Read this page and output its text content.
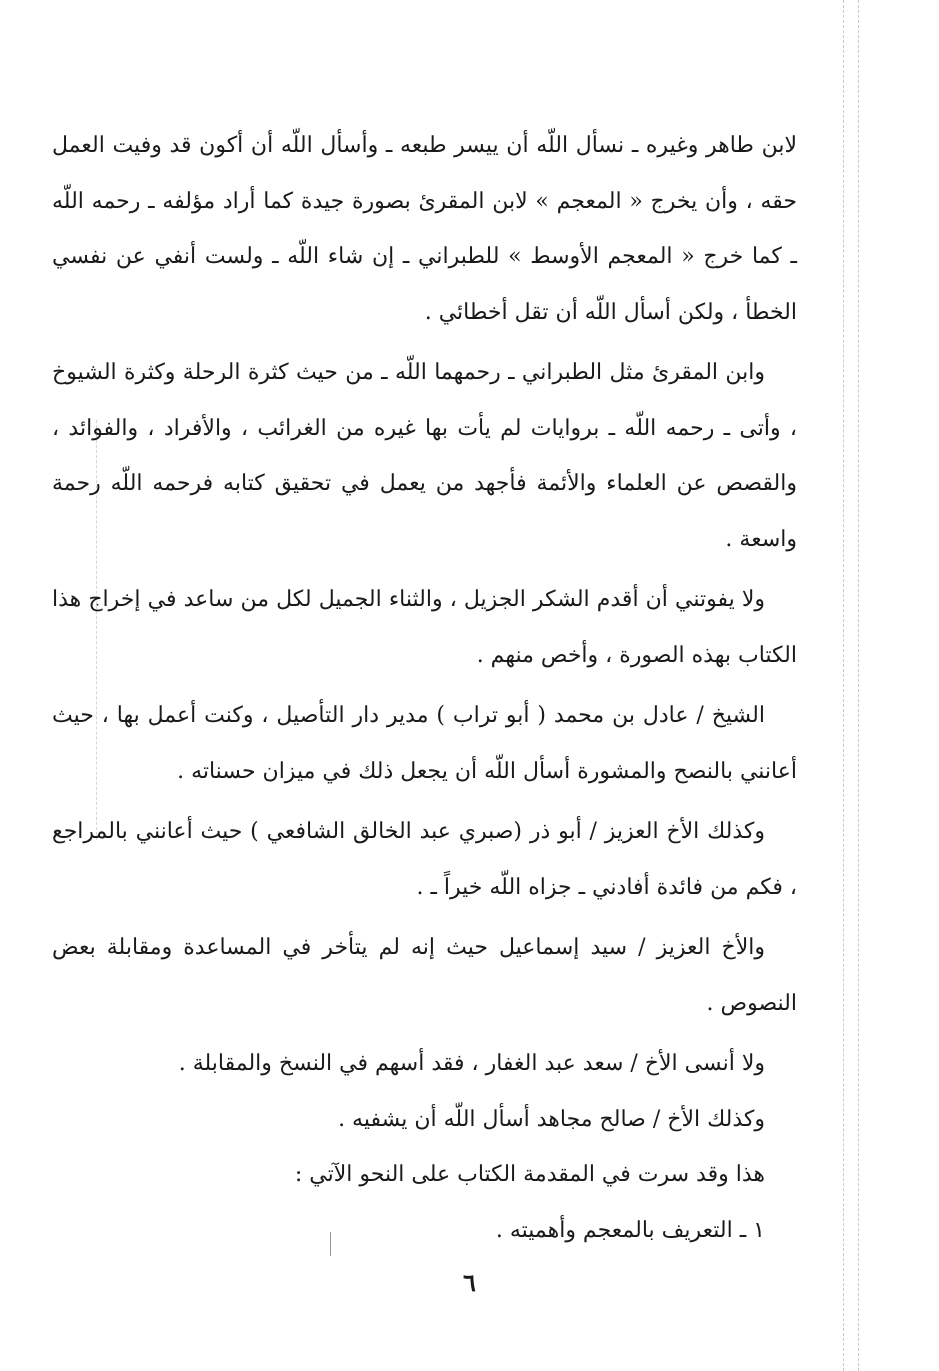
لابن طاهر وغيره ـ نسأل اللّه أن ييسر طبعه ـ وأسأل اللّه أن أكون قد وفيت العمل حقه ، وأن يخرج « المعجم » لابن المقرئ بصورة جيدة كما أراد مؤلفه ـ رحمه اللّه ـ كما خرج « المعجم الأوسط » للطبراني ـ إن شاء اللّه ـ ولست أنفي عن نفسي الخطأ ، ولكن أسأل اللّه أن تقل أخطائي .

وابن المقرئ مثل الطبراني ـ رحمهما اللّه ـ من حيث كثرة الرحلة وكثرة الشيوخ ، وأتى ـ رحمه اللّه ـ بروايات لم يأت بها غيره من الغرائب ، والأفراد ، والفوائد ، والقصص عن العلماء والأئمة فأجهد من يعمل في تحقيق كتابه فرحمه اللّه رحمة واسعة .

ولا يفوتني أن أقدم الشكر الجزيل ، والثناء الجميل لكل من ساعد في إخراج هذا الكتاب بهذه الصورة ، وأخص منهم .

الشيخ / عادل بن محمد ( أبو تراب ) مدير دار التأصيل ، وكنت أعمل بها ، حيث أعانني بالنصح والمشورة أسأل اللّه أن يجعل ذلك في ميزان حسناته .

وكذلك الأخ العزيز / أبو ذر (صبري عبد الخالق الشافعي ) حيث أعانني بالمراجع ، فكم من فائدة أفادني ـ جزاه اللّه خيراً ـ .

والأخ العزيز / سيد إسماعيل حيث إنه لم يتأخر في المساعدة ومقابلة بعض النصوص .

ولا أنسى الأخ / سعد عبد الغفار ، فقد أسهم في النسخ والمقابلة .

وكذلك الأخ / صالح مجاهد أسأل اللّه أن يشفيه .

هذا وقد سرت في المقدمة الكتاب على النحو الآتي :

١ ـ التعريف بالمعجم وأهميته .

٦
